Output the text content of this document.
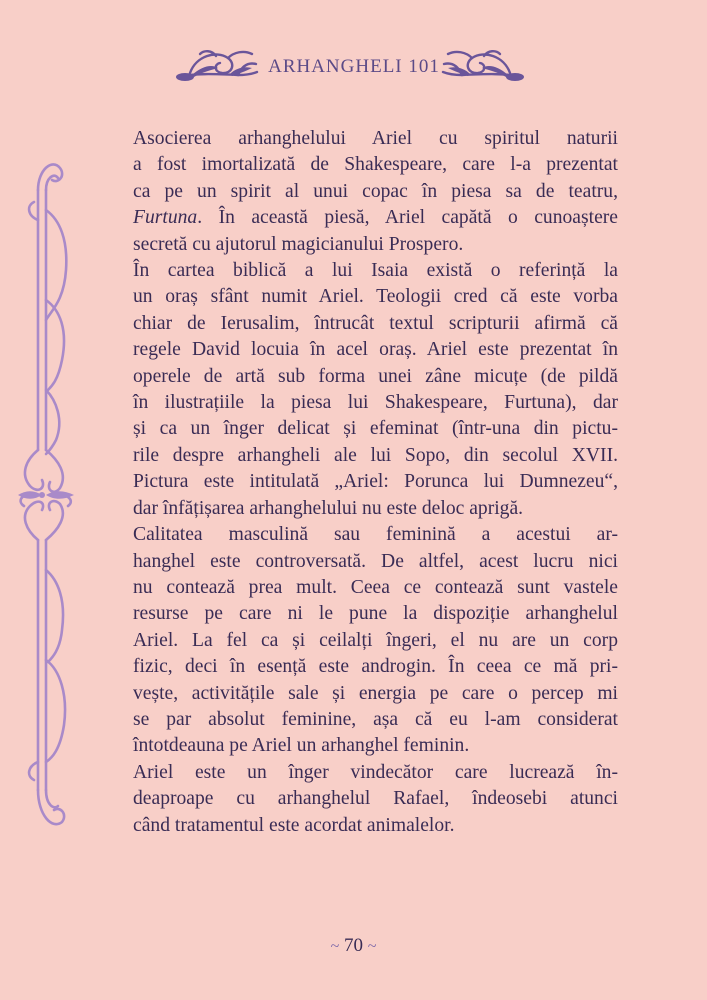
ARHANGHELI 101

Asocierea arhanghelului Ariel cu spiritul naturii
a fost imortalizată de Shakespeare, care l-a prezentat
ca pe un spirit al unui copac în piesa sa de teatru,
Furtuna. În această piesă, Ariel capătă o cunoaștere
secretă cu ajutorul magicianului Prospero.

În cartea biblică a lui Isaia există o referință la
un oraș sfânt numit Ariel. Teologii cred că este vorba
chiar de Ierusalim, întrucât textul scripturii afirmă că
regele David locuia în acel oraș. Ariel este prezentat în
operele de artă sub forma unei zâne micuțe (de pildă
în ilustrațiile la piesa lui Shakespeare, Furtuna), dar
și ca un înger delicat și efeminat (într-una din pictu-
rile despre arhangheli ale lui Sopo, din secolul XVII.
Pictura este intitulată „Ariel: Porunca lui Dumnezeu“,
dar înfățișarea arhanghelului nu este deloc aprigă.

Calitatea masculină sau feminină a acestui ar-
hanghel este controversată. De altfel, acest lucru nici
nu contează prea mult. Ceea ce contează sunt vastele
resurse pe care ni le pune la dispoziție arhanghelul
Ariel. La fel ca și ceilalți îngeri, el nu are un corp
fizic, deci în esență este androgin. În ceea ce mă pri-
vește, activitățile sale și energia pe care o percep mi
se par absolut feminine, așa că eu l-am considerat
întotdeauna pe Ariel un arhanghel feminin.

Ariel este un înger vindecător care lucrează în-
deaproape cu arhanghelul Rafael, îndeosebi atunci
când tratamentul este acordat animalelor.

~ 70 ~
